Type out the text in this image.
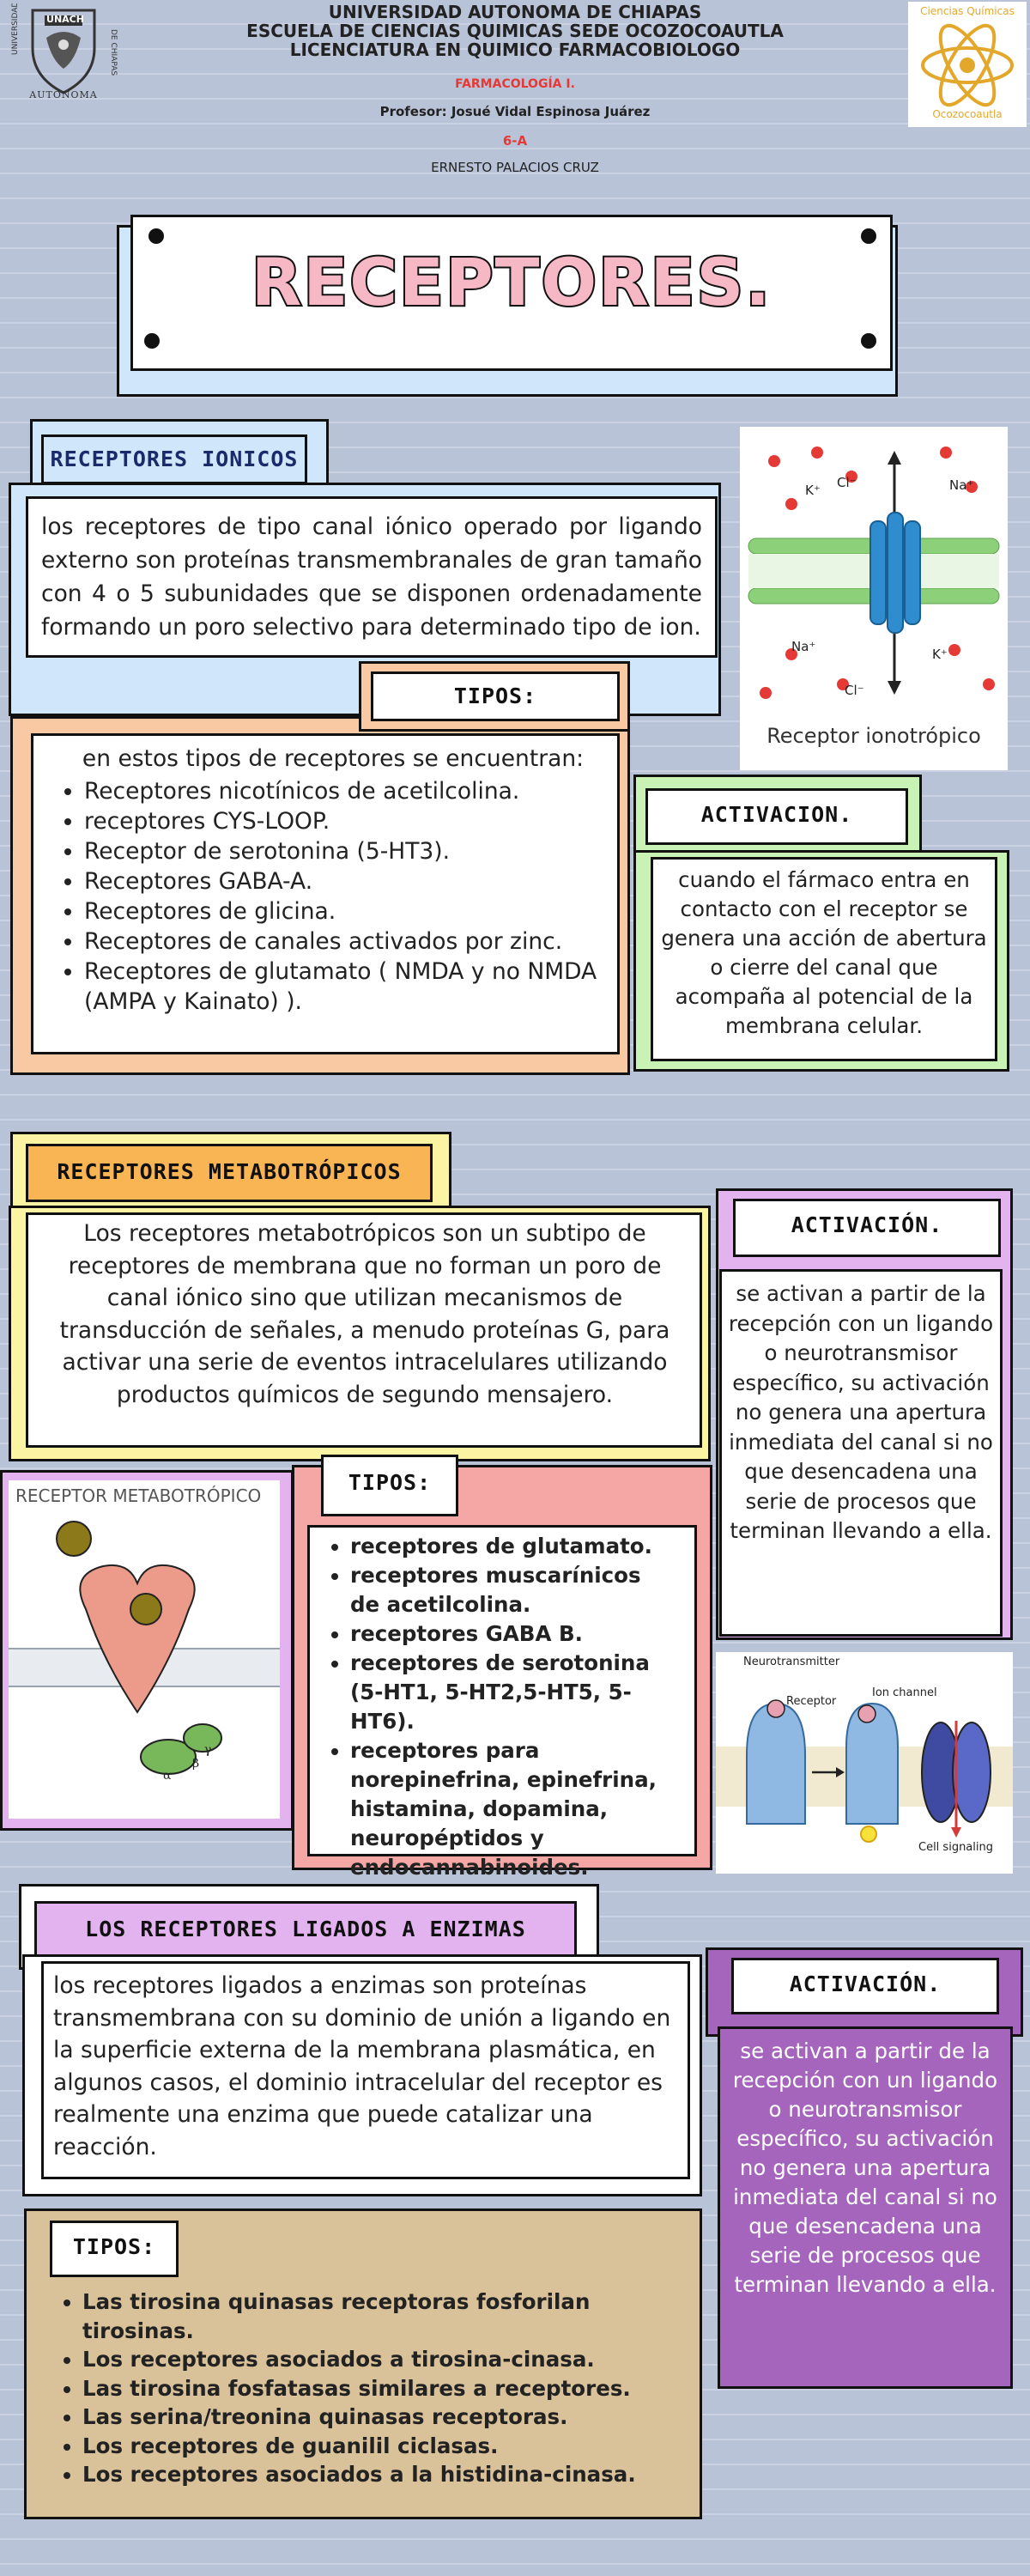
UNIVERSIDAD	DE CHIAPAS
UNACH
AUTONOMA
UNIVERSIDAD AUTONOMA DE CHIAPAS
ESCUELA DE CIENCIAS QUIMICAS SEDE OCOZOCOAUTLA
LICENCIATURA EN QUIMICO FARMACOBIOLOGO
FARMACOLOGÍA I.
Profesor: Josué Vidal Espinosa Juárez
6-A
ERNESTO PALACIOS CRUZ
Ciencias Químicas
Ocozocoautla
RECEPTORES.
RECEPTORES IONICOS
los receptores de tipo canal iónico operado por ligando externo son proteínas transmembranales de gran tamaño con 4 o 5 subunidades que se disponen ordenadamente formando un poro selectivo para determinado tipo de ion.
K⁺ Cl⁻	Na⁺
Na⁺
Cl⁻
K⁺
Receptor ionotrópico
TIPOS:
en estos tipos de receptores se encuentran:
• Receptores nicotínicos de acetilcolina.
• receptores CYS-LOOP.
• Receptor de serotonina (5-HT3).
• Receptores GABA-A.
• Receptores de glicina.
• Receptores de canales activados por zinc.
• Receptores de glutamato ( NMDA y no NMDA (AMPA y Kainato) ).
ACTIVACION.
cuando el fármaco entra en contacto con el receptor se genera una acción de abertura o cierre del canal que acompaña al potencial de la membrana celular.
RECEPTORES METABOTRÓPICOS
Los receptores metabotrópicos son un subtipo de receptores de membrana que no forman un poro de canal iónico sino que utilizan mecanismos de transducción de señales, a menudo proteínas G, para activar una serie de eventos intracelulares utilizando productos químicos de segundo mensajero.
ACTIVACIÓN.
se activan a partir de la recepción con un ligando o neurotransmisor específico, su activación no genera una apertura inmediata del canal si no que desencadena una serie de procesos que terminan llevando a ella.
RECEPTOR METABOTRÓPICO
α
β
γ
TIPOS:
• receptores de glutamato.
• receptores muscarínicos de acetilcolina.
• receptores GABA B.
• receptores de serotonina (5-HT1, 5-HT2,5-HT5, 5-HT6).
• receptores para norepinefrina, epinefrina, histamina, dopamina, neuropéptidos y endocannabinoides.
Neurotransmitter
Receptor
Ion channel
Cell signaling
LOS RECEPTORES LIGADOS A ENZIMAS
los receptores ligados a enzimas son proteínas transmembrana con su dominio de unión a ligando en la superficie externa de la membrana plasmática, en algunos casos, el dominio intracelular del receptor es realmente una enzima que puede catalizar una reacción.
ACTIVACIÓN.
se activan a partir de la recepción con un ligando o neurotransmisor específico, su activación no genera una apertura inmediata del canal si no que desencadena una serie de procesos que terminan llevando a ella.
TIPOS:
• Las tirosina quinasas receptoras fosforilan tirosinas.
• Los receptores asociados a tirosina-cinasa.
• Las tirosina fosfatasas similares a receptores.
• Las serina/treonina quinasas receptoras.
• Los receptores de guanilil ciclasas.
• Los receptores asociados a la histidina-cinasa.
